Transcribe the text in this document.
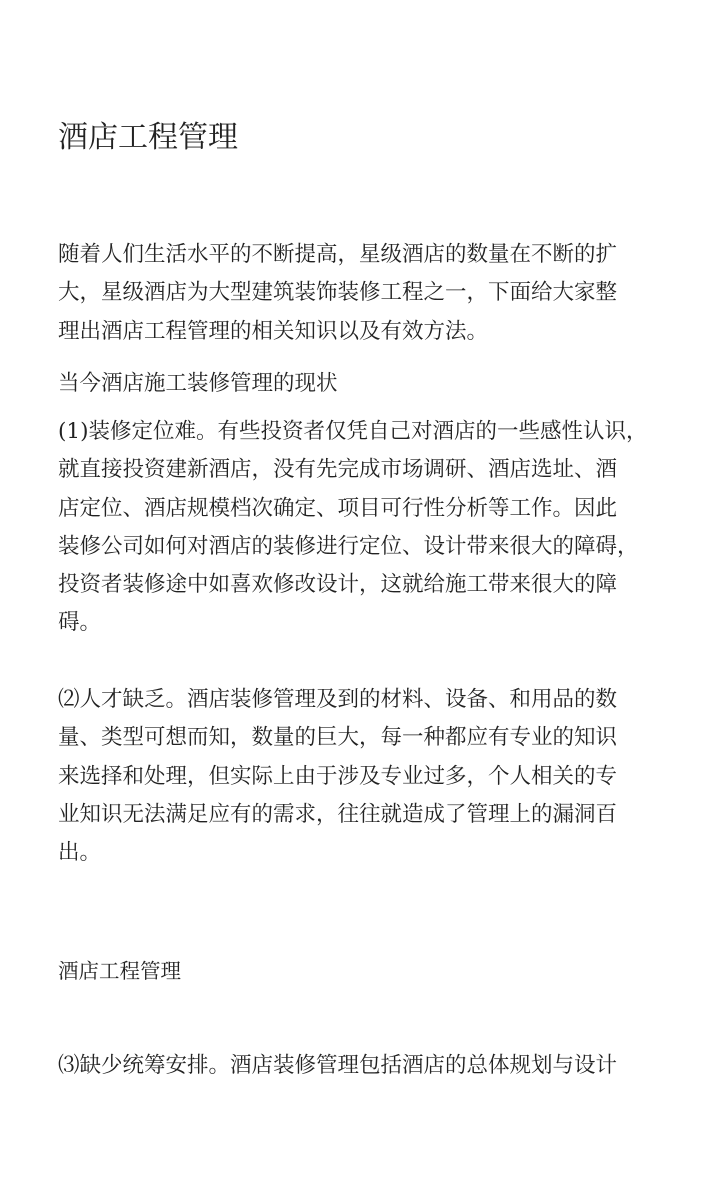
酒店工程管理

随着人们生活水平的不断提高，星级酒店的数量在不断的扩
大，星级酒店为大型建筑装饰装修工程之一，下面给大家整
理出酒店工程管理的相关知识以及有效方法。

当今酒店施工装修管理的现状

(1)装修定位难。有些投资者仅凭自己对酒店的一些感性认识，
就直接投资建新酒店，没有先完成市场调研、酒店选址、酒
店定位、酒店规模档次确定、项目可行性分析等工作。因此
装修公司如何对酒店的装修进行定位、设计带来很大的障碍，
投资者装修途中如喜欢修改设计，这就给施工带来很大的障
碍。

⑵人才缺乏。酒店装修管理及到的材料、设备、和用品的数
量、类型可想而知，数量的巨大，每一种都应有专业的知识
来选择和处理，但实际上由于涉及专业过多，个人相关的专
业知识无法满足应有的需求，往往就造成了管理上的漏洞百
出。

酒店工程管理

⑶缺少统筹安排。酒店装修管理包括酒店的总体规划与设计
